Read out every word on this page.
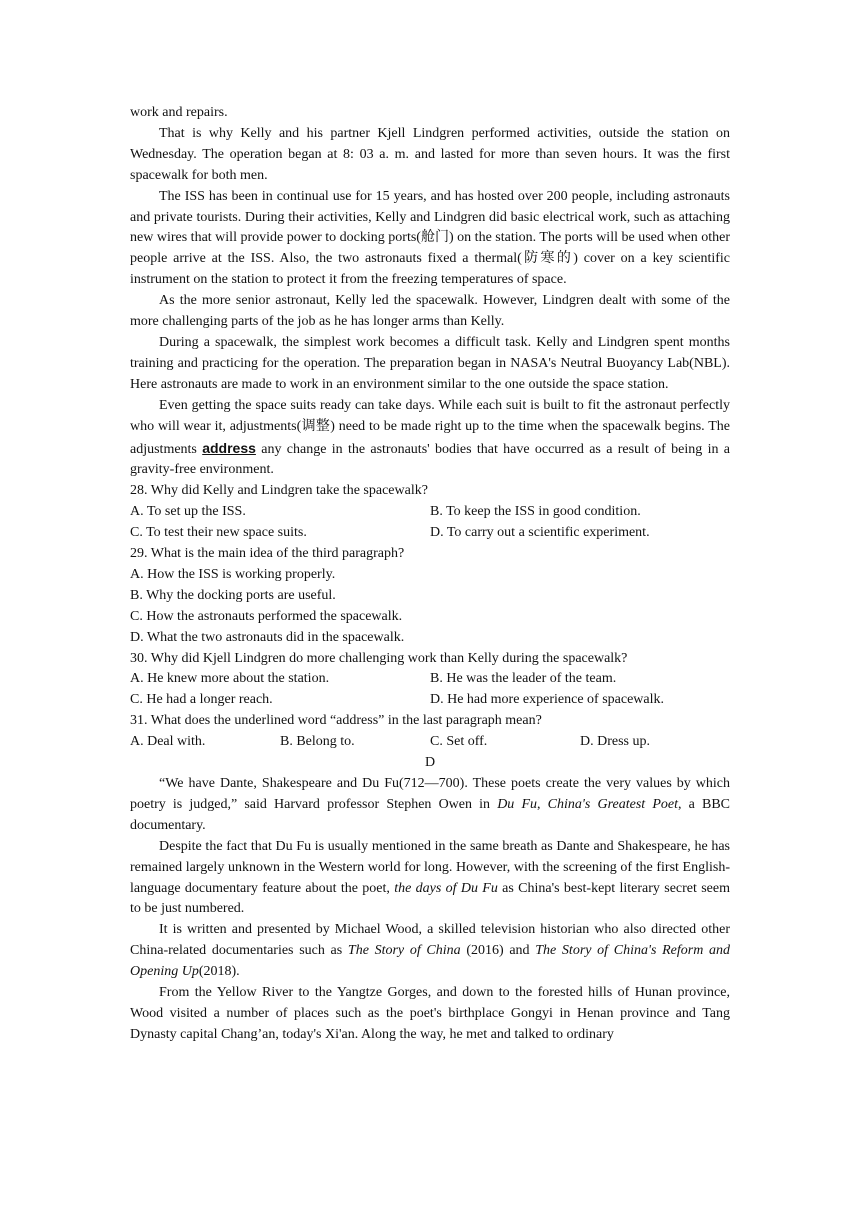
work and repairs.

That is why Kelly and his partner Kjell Lindgren performed activities, outside the station on Wednesday. The operation began at 8: 03 a. m. and lasted for more than seven hours. It was the first spacewalk for both men.

The ISS has been in continual use for 15 years, and has hosted over 200 people, including astronauts and private tourists. During their activities, Kelly and Lindgren did basic electrical work, such as attaching new wires that will provide power to docking ports(舱门) on the station. The ports will be used when other people arrive at the ISS. Also, the two astronauts fixed a thermal(防寒的) cover on a key scientific instrument on the station to protect it from the freezing temperatures of space.

As the more senior astronaut, Kelly led the spacewalk. However, Lindgren dealt with some of the more challenging parts of the job as he has longer arms than Kelly.

During a spacewalk, the simplest work becomes a difficult task. Kelly and Lindgren spent months training and practicing for the operation. The preparation began in NASA's Neutral Buoyancy Lab(NBL). Here astronauts are made to work in an environment similar to the one outside the space station.

Even getting the space suits ready can take days. While each suit is built to fit the astronaut perfectly who will wear it, adjustments(调整) need to be made right up to the time when the spacewalk begins. The adjustments address any change in the astronauts' bodies that have occurred as a result of being in a gravity-free environment.

28. Why did Kelly and Lindgren take the spacewalk?

A. To set up the ISS.	B. To keep the ISS in good condition.
C. To test their new space suits.	D. To carry out a scientific experiment.

29. What is the main idea of the third paragraph?

A. How the ISS is working properly.

B. Why the docking ports are useful.

C. How the astronauts performed the spacewalk.

D. What the two astronauts did in the spacewalk.

30. Why did Kjell Lindgren do more challenging work than Kelly during the spacewalk?

A. He knew more about the station.	B. He was the leader of the team.
C. He had a longer reach.	D. He had more experience of spacewalk.

31. What does the underlined word “address” in the last paragraph mean?

A. Deal with.	B. Belong to.	C. Set off.	D. Dress up.

D

“We have Dante, Shakespeare and Du Fu(712—700). These poets create the very values by which poetry is judged,” said Harvard professor Stephen Owen in Du Fu, China's Greatest Poet, a BBC documentary.

Despite the fact that Du Fu is usually mentioned in the same breath as Dante and Shakespeare, he has remained largely unknown in the Western world for long. However, with the screening of the first English-language documentary feature about the poet, the days of Du Fu as China's best-kept literary secret seem to be just numbered.

It is written and presented by Michael Wood, a skilled television historian who also directed other China-related documentaries such as The Story of China (2016) and The Story of China's Reform and Opening Up(2018).

From the Yellow River to the Yangtze Gorges, and down to the forested hills of Hunan province, Wood visited a number of places such as the poet's birthplace Gongyi in Henan province and Tang Dynasty capital Chang’an, today's Xi'an. Along the way, he met and talked to ordinary
